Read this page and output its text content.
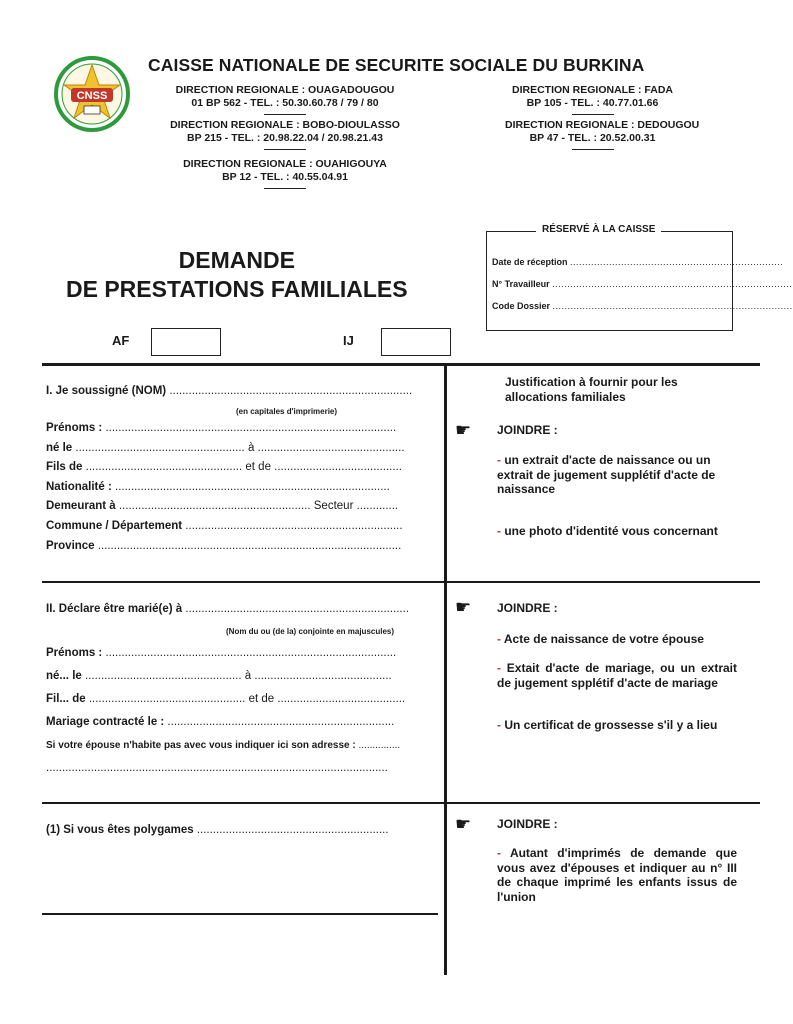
CNSS
CAISSE NATIONALE DE SECURITE SOCIALE DU BURKINA
DIRECTION REGIONALE : OUAGADOUGOU
01 BP 562 - TEL. : 50.30.60.78 / 79 / 80
DIRECTION REGIONALE : FADA
BP 105 - TEL. : 40.77.01.66
DIRECTION REGIONALE : BOBO-DIOULASSO
BP 215 - TEL. : 20.98.22.04 / 20.98.21.43
DIRECTION REGIONALE : DEDOUGOU
BP 47 - TEL. : 20.52.00.31
DIRECTION REGIONALE : OUAHIGOUYA
BP 12 - TEL. : 40.55.04.91
DEMANDE
DE PRESTATIONS FAMILIALES
RÉSERVÉ À LA CAISSE
Date de réception .......................................................................
N° Travailleur ................................................................................
Code Dossier ................................................................................
AF	IJ
I. Je soussigné (NOM) ............................................................................
(en capitales d'imprimerie)
Prénoms : ...........................................................................................
né le ..................................................... à ..............................................
Fils de ................................................. et de ........................................
Nationalité : ......................................................................................
Demeurant à ............................................................ Secteur .............
Commune / Département ....................................................................
Province ...............................................................................................
Justification à fournir pour les allocations familiales
☛ JOINDRE :
- un extrait d'acte de naissance ou un extrait de jugement supplétif d'acte de naissance
- une photo d'identité vous concernant
II. Déclare être marié(e) à ......................................................................
(Nom du ou (de la) conjointe en majuscules)
Prénoms : ...........................................................................................
né... le ................................................. à ...........................................
Fil... de ................................................. et de ........................................
Mariage contracté le : .......................................................................
Si votre épouse n'habite pas avec vous indiquer ici son adresse : ...............
...........................................................................................................
☛ JOINDRE :
- Acte de naissance de votre épouse
- Extait d'acte de mariage, ou un extrait de jugement spplétif d'acte de mariage
- Un certificat de grossesse s'il y a lieu
(1) Si vous êtes polygames ............................................................	☛ JOINDRE :
- Autant d'imprimés de demande que vous avez d'épouses et indiquer au n° III de chaque imprimé les enfants issus de l'union
